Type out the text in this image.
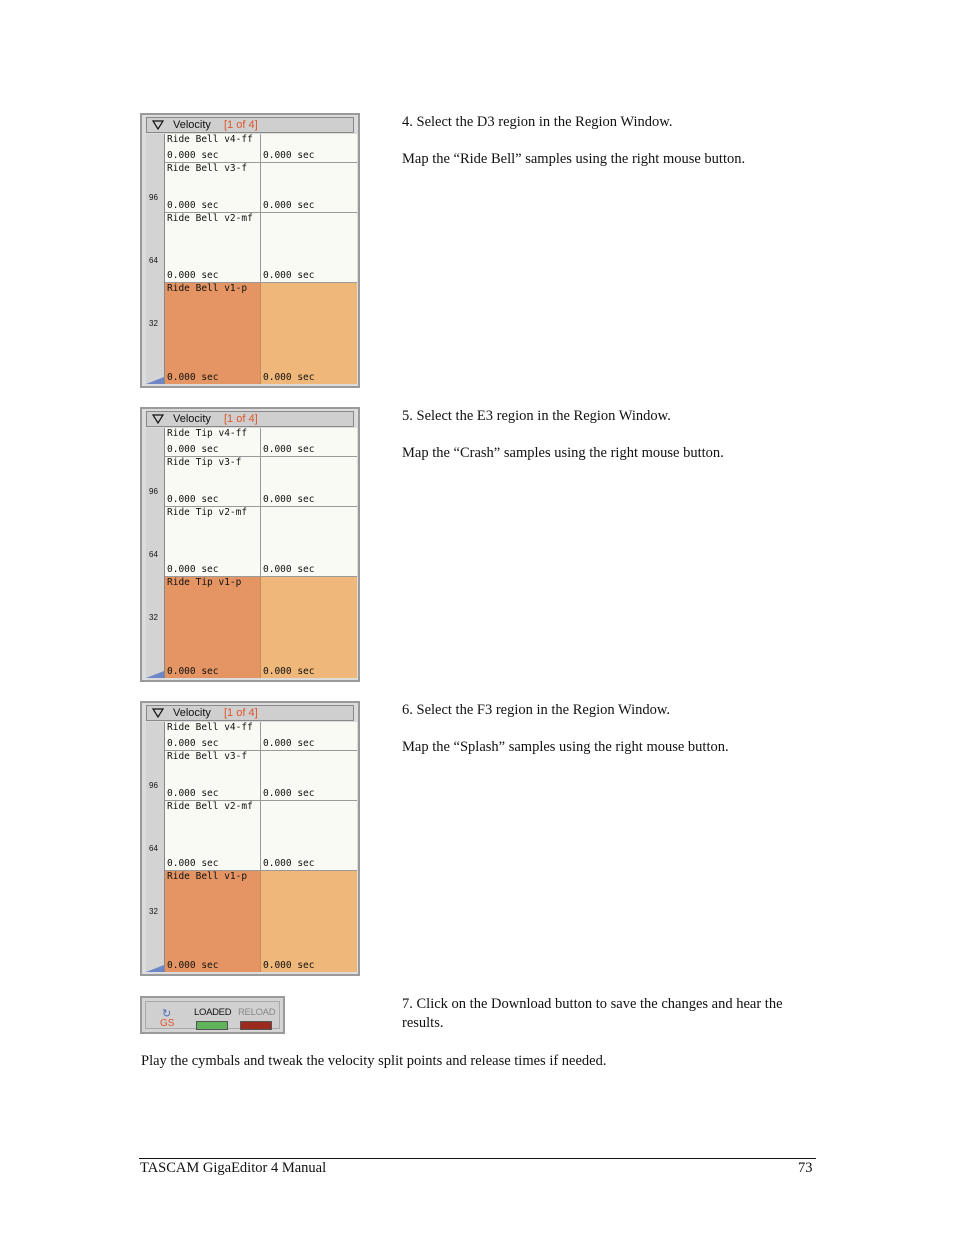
Velocity [1 of 4]
96
64
32
Ride Bell v4-ff
0.000 sec	0.000 sec
Ride Bell v3-f
0.000 sec	0.000 sec
Ride Bell v2-mf
0.000 sec	0.000 sec
Ride Bell v1-p
0.000 sec	0.000 sec

4. Select the D3 region in the Region Window.

Map the “Ride Bell” samples using the right mouse button.

Velocity [1 of 4]
96
64
32
Ride Tip v4-ff
0.000 sec	0.000 sec
Ride Tip v3-f
0.000 sec	0.000 sec
Ride Tip v2-mf
0.000 sec	0.000 sec
Ride Tip v1-p
0.000 sec	0.000 sec

5. Select the E3 region in the Region Window.

Map the “Crash” samples using the right mouse button.

Velocity [1 of 4]
96
64
32
Ride Bell v4-ff
0.000 sec	0.000 sec
Ride Bell v3-f
0.000 sec	0.000 sec
Ride Bell v2-mf
0.000 sec	0.000 sec
Ride Bell v1-p
0.000 sec	0.000 sec

6. Select the F3 region in the Region Window.

Map the “Splash” samples using the right mouse button.

↻
GS
LOADED RELOAD

7. Click on the Download button to save the changes and hear the results.

Play the cymbals and tweak the velocity split points and release times if needed.

TASCAM GigaEditor 4 Manual	73
